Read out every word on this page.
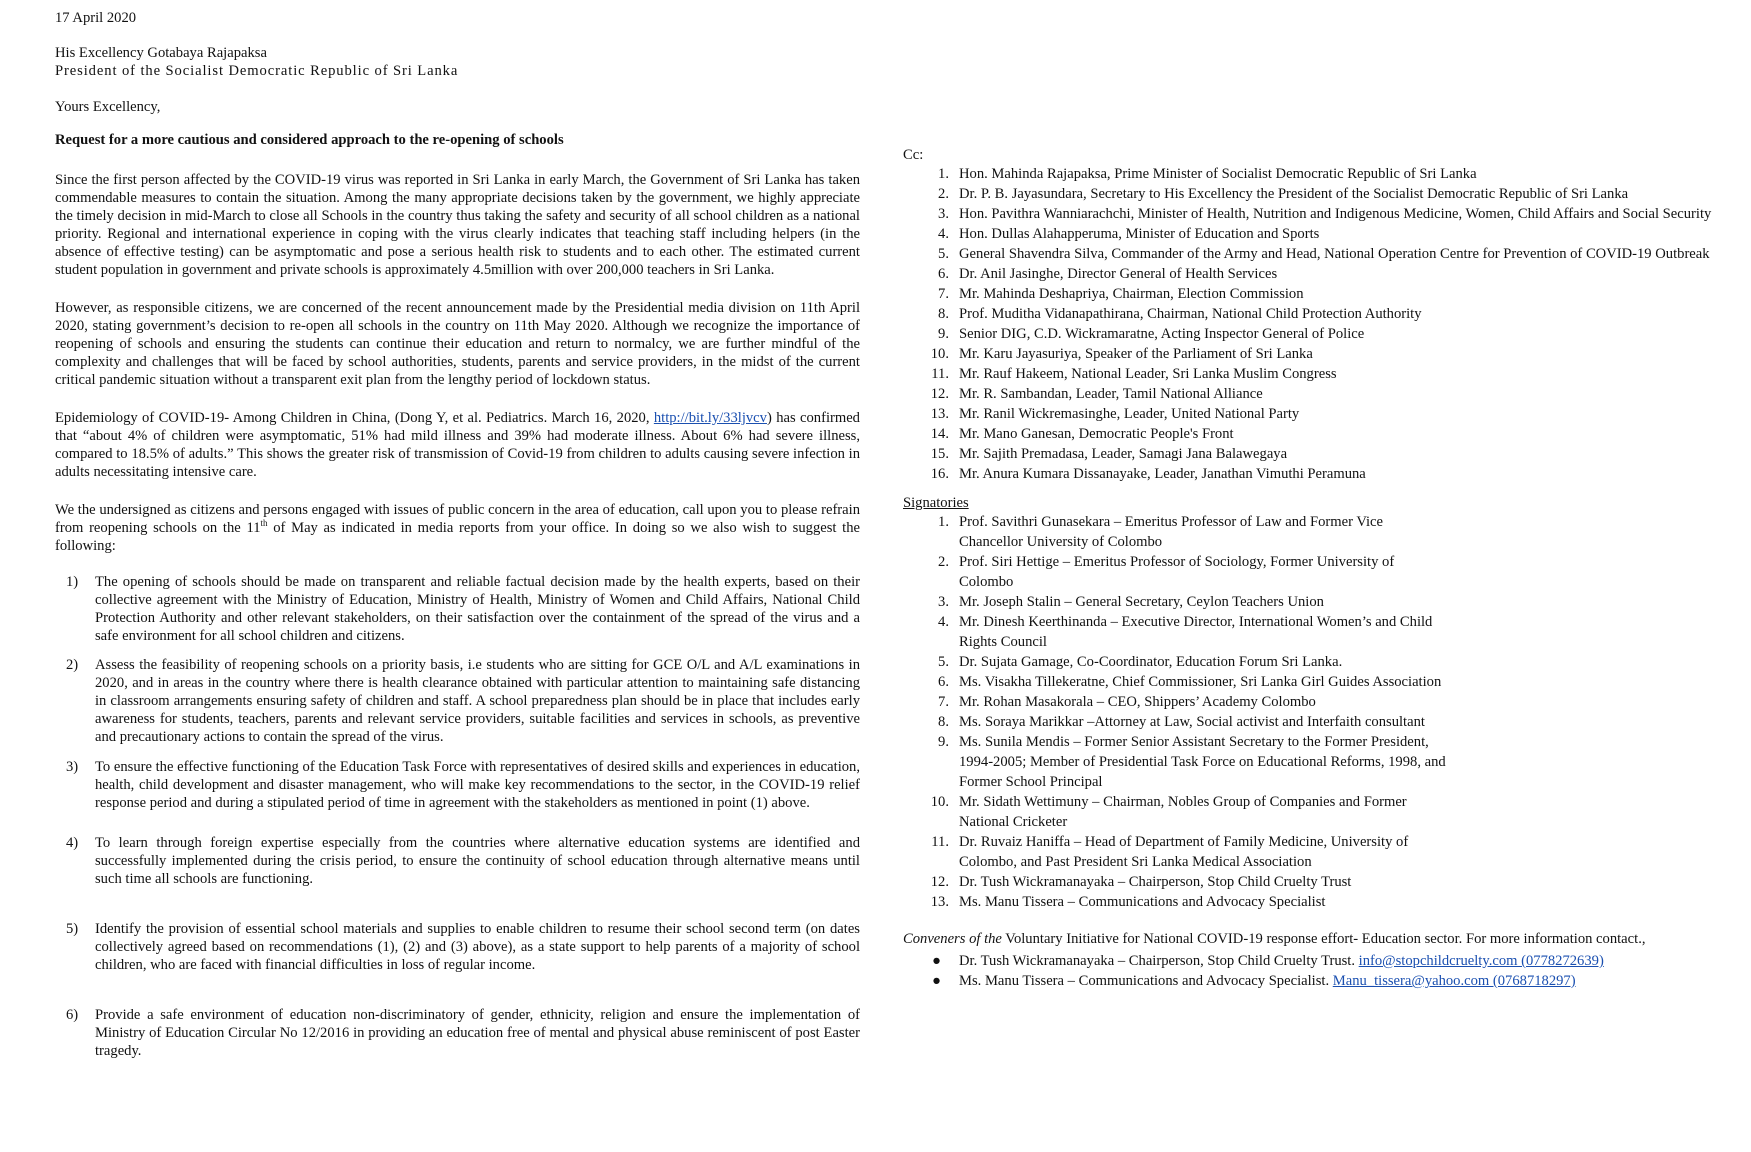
17 April 2020

His Excellency Gotabaya Rajapaksa

President of the Socialist Democratic Republic of Sri Lanka

Yours Excellency,

Request for a more cautious and considered approach to the re-opening of schools

Since the first person affected by the COVID-19 virus was reported in Sri Lanka in early March, the Government of Sri Lanka has taken commendable measures to contain the situation. Among the many appropriate decisions taken by the government, we highly appreciate the timely decision in mid-March to close all Schools in the country thus taking the safety and security of all school children as a national priority. Regional and international experience in coping with the virus clearly indicates that teaching staff including helpers (in the absence of effective testing) can be asymptomatic and pose a serious health risk to students and to each other. The estimated current student population in government and private schools is approximately 4.5million with over 200,000 teachers in Sri Lanka.

However, as responsible citizens, we are concerned of the recent announcement made by the Presidential media division on 11th April 2020, stating government’s decision to re-open all schools in the country on 11th May 2020. Although we recognize the importance of reopening of schools and ensuring the students can continue their education and return to normalcy, we are further mindful of the complexity and challenges that will be faced by school authorities, students, parents and service providers, in the midst of the current critical pandemic situation without a transparent exit plan from the lengthy period of lockdown status.

Epidemiology of COVID-19- Among Children in China, (Dong Y, et al. Pediatrics. March 16, 2020, http://bit.ly/33ljvcv) has confirmed that “about 4% of children were asymptomatic, 51% had mild illness and 39% had moderate illness. About 6% had severe illness, compared to 18.5% of adults.” This shows the greater risk of transmission of Covid-19 from children to adults causing severe infection in adults necessitating intensive care.

We the undersigned as citizens and persons engaged with issues of public concern in the area of education, call upon you to please refrain from reopening schools on the 11th of May as indicated in media reports from your office. In doing so we also wish to suggest the following:

1)	The opening of schools should be made on transparent and reliable factual decision made by the health experts, based on their collective agreement with the Ministry of Education, Ministry of Health, Ministry of Women and Child Affairs, National Child Protection Authority and other relevant stakeholders, on their satisfaction over the containment of the spread of the virus and a safe environment for all school children and citizens.
2)	Assess the feasibility of reopening schools on a priority basis, i.e students who are sitting for GCE O/L and A/L examinations in 2020, and in areas in the country where there is health clearance obtained with particular attention to maintaining safe distancing in classroom arrangements ensuring safety of children and staff. A school preparedness plan should be in place that includes early awareness for students, teachers, parents and relevant service providers, suitable facilities and services in schools, as preventive and precautionary actions to contain the spread of the virus.
3)	To ensure the effective functioning of the Education Task Force with representatives of desired skills and experiences in education, health, child development and disaster management, who will make key recommendations to the sector, in the COVID-19 relief response period and during a stipulated period of time in agreement with the stakeholders as mentioned in point (1) above.
4)	To learn through foreign expertise especially from the countries where alternative education systems are identified and successfully implemented during the crisis period, to ensure the continuity of school education through alternative means until such time all schools are functioning.
5)	Identify the provision of essential school materials and supplies to enable children to resume their school second term (on dates collectively agreed based on recommendations (1), (2) and (3) above), as a state support to help parents of a majority of school children, who are faced with financial difficulties in loss of regular income.
6)	Provide a safe environment of education non-discriminatory of gender, ethnicity, religion and ensure the implementation of Ministry of Education Circular No 12/2016 in providing an education free of mental and physical abuse reminiscent of post Easter tragedy.

Cc:

1. Hon. Mahinda Rajapaksa, Prime Minister of Socialist Democratic Republic of Sri Lanka
2. Dr. P. B. Jayasundara, Secretary to His Excellency the President of the Socialist Democratic Republic of Sri Lanka
3. Hon. Pavithra Wanniarachchi, Minister of Health, Nutrition and Indigenous Medicine, Women, Child Affairs and Social Security
4. Hon. Dullas Alahapperuma, Minister of Education and Sports
5. General Shavendra Silva, Commander of the Army and Head, National Operation Centre for Prevention of COVID-19 Outbreak
6. Dr. Anil Jasinghe, Director General of Health Services
7. Mr. Mahinda Deshapriya, Chairman, Election Commission
8. Prof. Muditha Vidanapathirana, Chairman, National Child Protection Authority
9. Senior DIG, C.D. Wickramaratne, Acting Inspector General of Police
10. Mr. Karu Jayasuriya, Speaker of the Parliament of Sri Lanka
11. Mr. Rauf Hakeem, National Leader, Sri Lanka Muslim Congress
12. Mr. R. Sambandan, Leader, Tamil National Alliance
13. Mr. Ranil Wickremasinghe, Leader, United National Party
14. Mr. Mano Ganesan, Democratic People's Front
15. Mr. Sajith Premadasa, Leader, Samagi Jana Balawegaya
16. Mr. Anura Kumara Dissanayake, Leader, Janathan Vimuthi Peramuna

Signatories

1. Prof. Savithri Gunasekara – Emeritus Professor of Law and Former Vice Chancellor University of Colombo
2. Prof. Siri Hettige – Emeritus Professor of Sociology, Former University of Colombo
3. Mr. Joseph Stalin – General Secretary, Ceylon Teachers Union
4. Mr. Dinesh Keerthinanda – Executive Director, International Women’s and Child Rights Council
5. Dr. Sujata Gamage, Co-Coordinator, Education Forum Sri Lanka.
6. Ms. Visakha Tillekeratne, Chief Commissioner, Sri Lanka Girl Guides Association
7. Mr. Rohan Masakorala – CEO, Shippers’ Academy Colombo
8. Ms. Soraya Marikkar –Attorney at Law, Social activist and Interfaith consultant
9. Ms. Sunila Mendis – Former Senior Assistant Secretary to the Former President, 1994-2005; Member of Presidential Task Force on Educational Reforms, 1998, and Former School Principal
10. Mr. Sidath Wettimuny – Chairman, Nobles Group of Companies and Former National Cricketer
11. Dr. Ruvaiz Haniffa – Head of Department of Family Medicine, University of Colombo, and Past President Sri Lanka Medical Association
12. Dr. Tush Wickramanayaka – Chairperson, Stop Child Cruelty Trust
13. Ms. Manu Tissera – Communications and Advocacy Specialist

Conveners of the Voluntary Initiative for National COVID-19 response effort- Education sector. For more information contact.,

●	Dr. Tush Wickramanayaka – Chairperson, Stop Child Cruelty Trust. info@stopchildcruelty.com (0778272639)
●	Ms. Manu Tissera – Communications and Advocacy Specialist. Manu_tissera@yahoo.com (0768718297)
